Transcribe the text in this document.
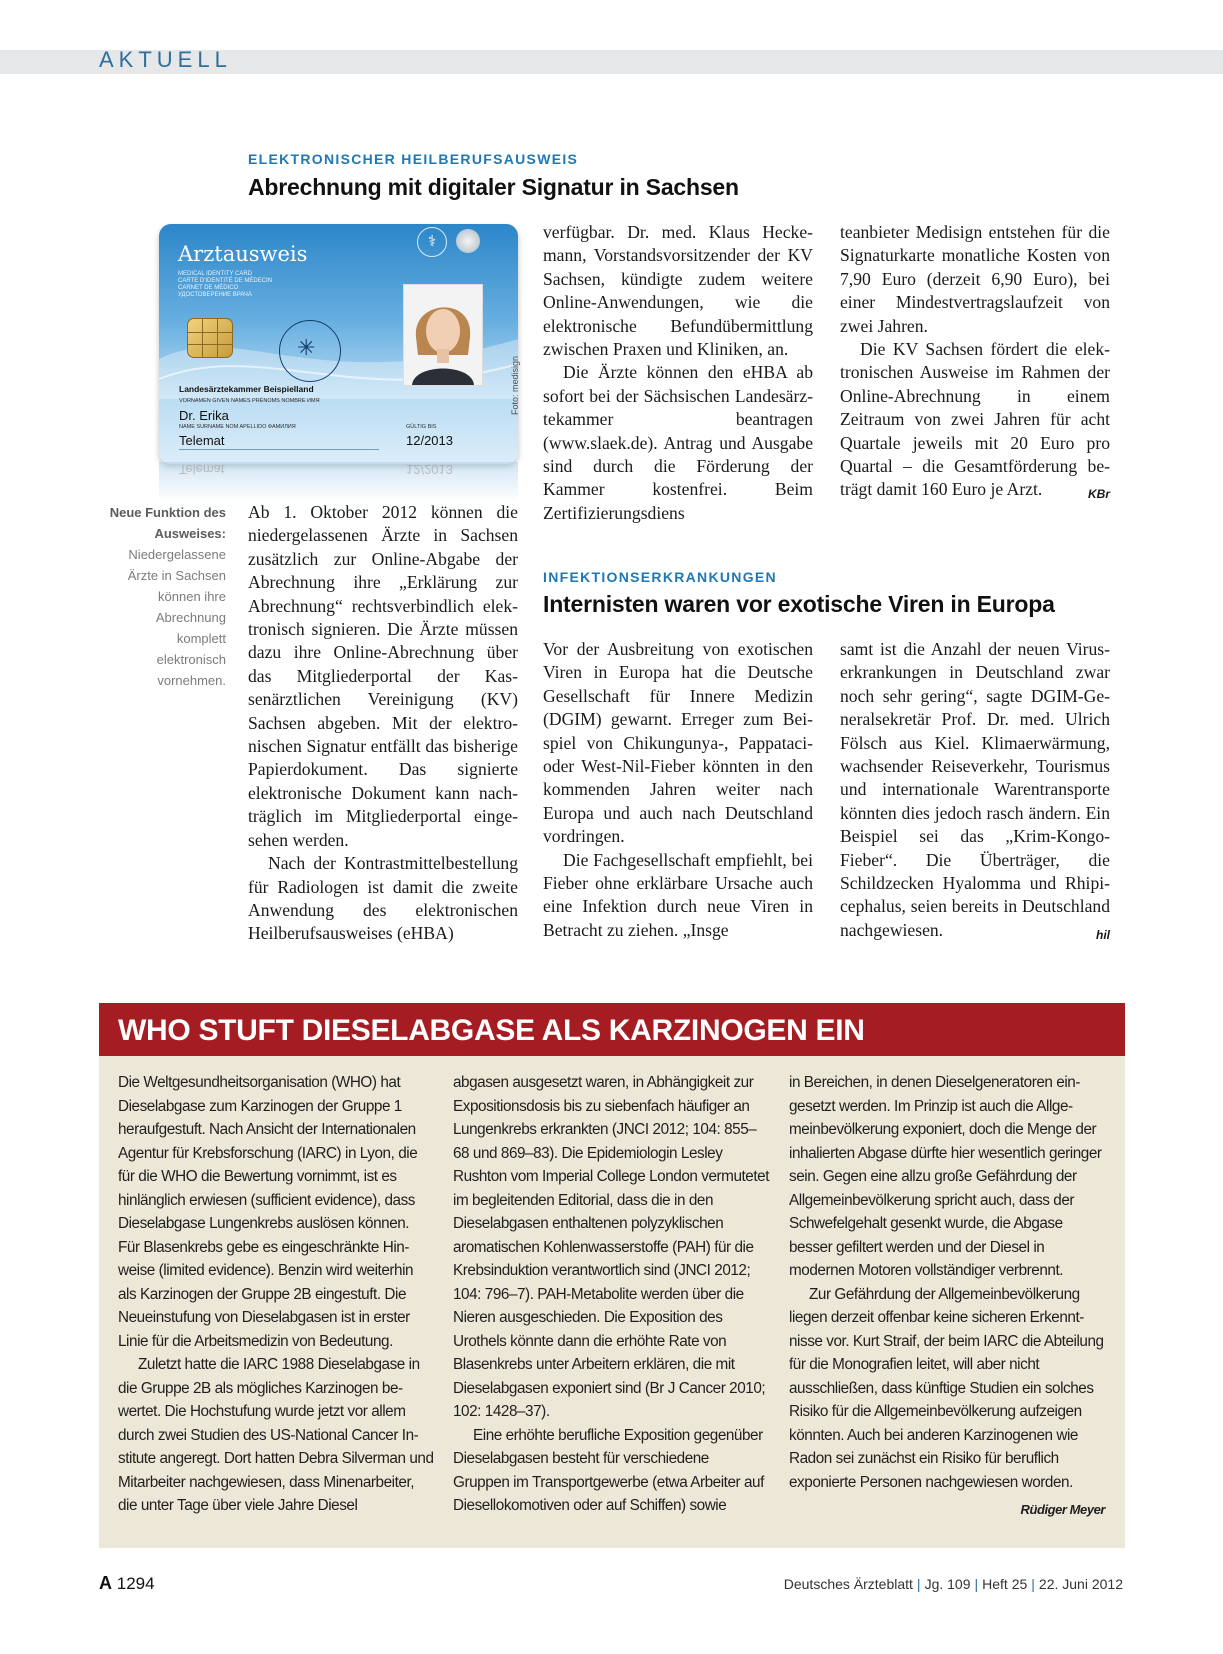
AKTUELL
ELEKTRONISCHER HEILBERUFSAUSWEIS
Abrechnung mit digitaler Signatur in Sachsen
⚕
Arztausweis
MEDICAL IDENTITY CARD
CARTE D'IDENTITÉ DE MÉDECIN
CARNET DE MÉDICO
УДОСТОВЕРЕНИЕ ВРАЧА
✳
Landesärztekammer Beispielland
VORNAMEN GIVEN NAMES PRÉNOMS NOMBRE ИМЯ
Dr. Erika
NAME SURNAME NOM APELLIDO ФАМИЛИЯ
Telemat
GÜLTIG BIS
12/2013
Telemat	12/2013
Foto: medisign
Neue Funktion des Ausweises: Niedergelassene Ärzte in Sachsen können ihre Abrechnung komplett elektronisch vornehmen.

Ab 1. Oktober 2012 können die niedergelassenen Ärzte in Sachsen zusätzlich zur Online-Abgabe der Abrechnung ihre „Erklärung zur Abrechnung“ rechtsverbindlich elektronisch signieren. Die Ärzte müssen dazu ihre Online-Abrechnung über das Mitgliederportal der Kassenärztlichen Vereinigung (KV) Sachsen abgeben. Mit der elektronischen Signatur entfällt das bisherige Papierdokument. Das signierte elektronische Dokument kann nachträglich im Mitgliederportal eingesehen werden.

Nach der Kontrastmittelbestellung für Radiologen ist damit die zweite Anwendung des elektronischen Heilberufsausweises (eHBA)

verfügbar. Dr. med. Klaus Heckemann, Vorstandsvorsitzender der KV Sachsen, kündigte zudem weitere Online-Anwendungen, wie die elektronische Befundübermittlung zwischen Praxen und Kliniken, an.

Die Ärzte können den eHBA ab sofort bei der Sächsischen Landesärztekammer beantragen (www.slaek.de). Antrag und Ausgabe sind durch die Förderung der Kammer kostenfrei. Beim Zertifizierungsdiens

teanbieter Medisign entstehen für die Signaturkarte monatliche Kosten von 7,90 Euro (derzeit 6,90 Euro), bei einer Mindestvertragslaufzeit von zwei Jahren.

Die KV Sachsen fördert die elektronischen Ausweise im Rahmen der Online-Abrechnung in einem Zeitraum von zwei Jahren für acht Quartale jeweils mit 20 Euro pro Quartal – die Gesamtförderung beträgt damit 160 Euro je Arzt.	KBr

INFEKTIONSERKRANKUNGEN
Internisten waren vor exotische Viren in Europa

Vor der Ausbreitung von exotischen Viren in Europa hat die Deutsche Gesellschaft für Innere Medizin (DGIM) gewarnt. Erreger zum Beispiel von Chikungunya-, Pappataci- oder West-Nil-Fieber könnten in den kommenden Jahren weiter nach Europa und auch nach Deutschland vordringen.

Die Fachgesellschaft empfiehlt, bei Fieber ohne erklärbare Ursache auch eine Infektion durch neue Viren in Betracht zu ziehen. „Insge

samt ist die Anzahl der neuen Viruserkrankungen in Deutschland zwar noch sehr gering“, sagte DGIM-Generalsekretär Prof. Dr. med. Ulrich Fölsch aus Kiel. Klimaerwärmung, wachsender Reiseverkehr, Tourismus und internationale Warentransporte könnten dies jedoch rasch ändern. Ein Beispiel sei das „Krim-Kongo-Fieber“. Die Überträger, die Schildzecken Hyalomma und Rhipicephalus, seien bereits in Deutschland nachgewiesen.	hil

WHO STUFT DIESELABGASE ALS KARZINOGEN EIN

Die Weltgesundheitsorganisation (WHO) hat Dieselabgase zum Karzinogen der Gruppe 1 heraufgestuft. Nach Ansicht der Internationalen Agentur für Krebsforschung (IARC) in Lyon, die für die WHO die Bewertung vornimmt, ist es hinlänglich erwiesen (sufficient evidence), dass Dieselabgase Lungenkrebs auslösen können. Für Blasenkrebs gebe es eingeschränkte Hinweise (limited evidence). Benzin wird weiterhin als Karzinogen der Gruppe 2B eingestuft. Die Neueinstufung von Dieselabgasen ist in erster Linie für die Arbeitsmedizin von Bedeutung.

Zuletzt hatte die IARC 1988 Dieselabgase in die Gruppe 2B als mögliches Karzinogen bewertet. Die Hochstufung wurde jetzt vor allem durch zwei Studien des US-National Cancer Institute angeregt. Dort hatten Debra Silverman und Mitarbeiter nachgewiesen, dass Minenarbeiter, die unter Tage über viele Jahre Diesel

abgasen ausgesetzt waren, in Abhängigkeit zur Expositionsdosis bis zu siebenfach häufiger an Lungenkrebs erkrankten (JNCI 2012; 104: 855–68 und 869–83). Die Epidemiologin Lesley Rushton vom Imperial College London vermutetet im begleitenden Editorial, dass die in den Dieselabgasen enthaltenen polyzyklischen aromatischen Kohlenwasserstoffe (PAH) für die Krebsinduktion verantwortlich sind (JNCI 2012; 104: 796–7). PAH-Metabolite werden über die Nieren ausgeschieden. Die Exposition des Urothels könnte dann die erhöhte Rate von Blasenkrebs unter Arbeitern erklären, die mit Dieselabgasen exponiert sind (Br J Cancer 2010; 102: 1428–37).

Eine erhöhte berufliche Exposition gegenüber Dieselabgasen besteht für verschiedene Gruppen im Transportgewerbe (etwa Arbeiter auf Diesellokomotiven oder auf Schiffen) sowie

in Bereichen, in denen Dieselgeneratoren eingesetzt werden. Im Prinzip ist auch die Allgemeinbevölkerung exponiert, doch die Menge der inhalierten Abgase dürfte hier wesentlich geringer sein. Gegen eine allzu große Gefährdung der Allgemeinbevölkerung spricht auch, dass der Schwefelgehalt gesenkt wurde, die Abgase besser gefiltert werden und der Diesel in modernen Motoren vollständiger verbrennt.

Zur Gefährdung der Allgemeinbevölkerung liegen derzeit offenbar keine sicheren Erkenntnisse vor. Kurt Straif, der beim IARC die Abteilung für die Monografien leitet, will aber nicht ausschließen, dass künftige Studien ein solches Risiko für die Allgemeinbevölkerung aufzeigen könnten. Auch bei anderen Karzinogenen wie Radon sei zunächst ein Risiko für beruflich exponierte Personen nachgewiesen worden.
Rüdiger Meyer

A 1294	Deutsches Ärzteblatt | Jg. 109 | Heft 25 | 22. Juni 2012
